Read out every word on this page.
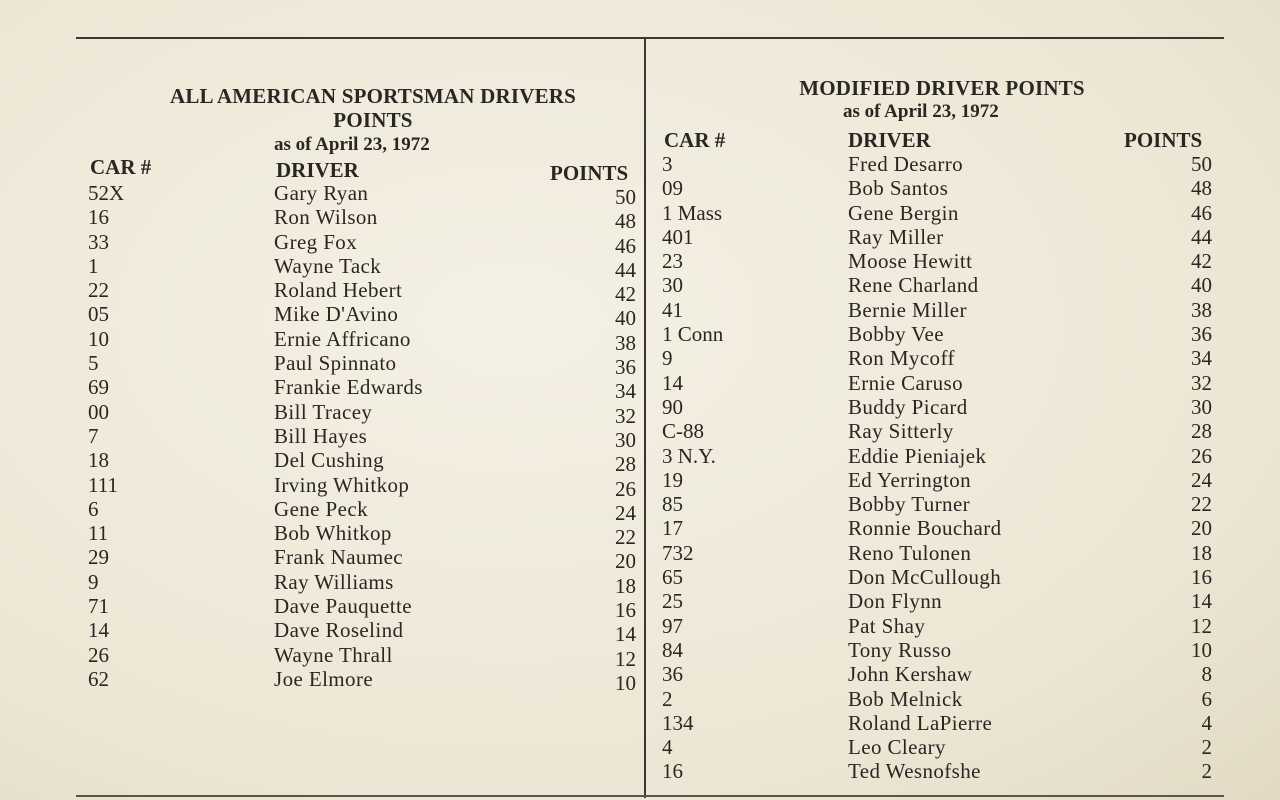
ALL AMERICAN SPORTSMAN DRIVERS
POINTS
as of April 23, 1972
CAR #	DRIVER	POINTS
52X	Gary Ryan	50
16	Ron Wilson	48
33	Greg Fox	46
1	Wayne Tack	44
22	Roland Hebert	42
05	Mike D'Avino	40
10	Ernie Affricano	38
5	Paul Spinnato	36
69	Frankie Edwards	34
00	Bill Tracey	32
7	Bill Hayes	30
18	Del Cushing	28
111	Irving Whitkop	26
6	Gene Peck	24
11	Bob Whitkop	22
29	Frank Naumec	20
9	Ray Williams	18
71	Dave Pauquette	16
14	Dave Roselind	14
26	Wayne Thrall	12
62	Joe Elmore	10
MODIFIED DRIVER POINTS
as of April 23, 1972
CAR #	DRIVER	POINTS
3	Fred Desarro	50
09	Bob Santos	48
1 Mass	Gene Bergin	46
401	Ray Miller	44
23	Moose Hewitt	42
30	Rene Charland	40
41	Bernie Miller	38
1 Conn	Bobby Vee	36
9	Ron Mycoff	34
14	Ernie Caruso	32
90	Buddy Picard	30
C-88	Ray Sitterly	28
3 N.Y.	Eddie Pieniajek	26
19	Ed Yerrington	24
85	Bobby Turner	22
17	Ronnie Bouchard	20
732	Reno Tulonen	18
65	Don McCullough	16
25	Don Flynn	14
97	Pat Shay	12
84	Tony Russo	10
36	John Kershaw	8
2	Bob Melnick	6
134	Roland LaPierre	4
4	Leo Cleary	2
16	Ted Wesnofshe	2
